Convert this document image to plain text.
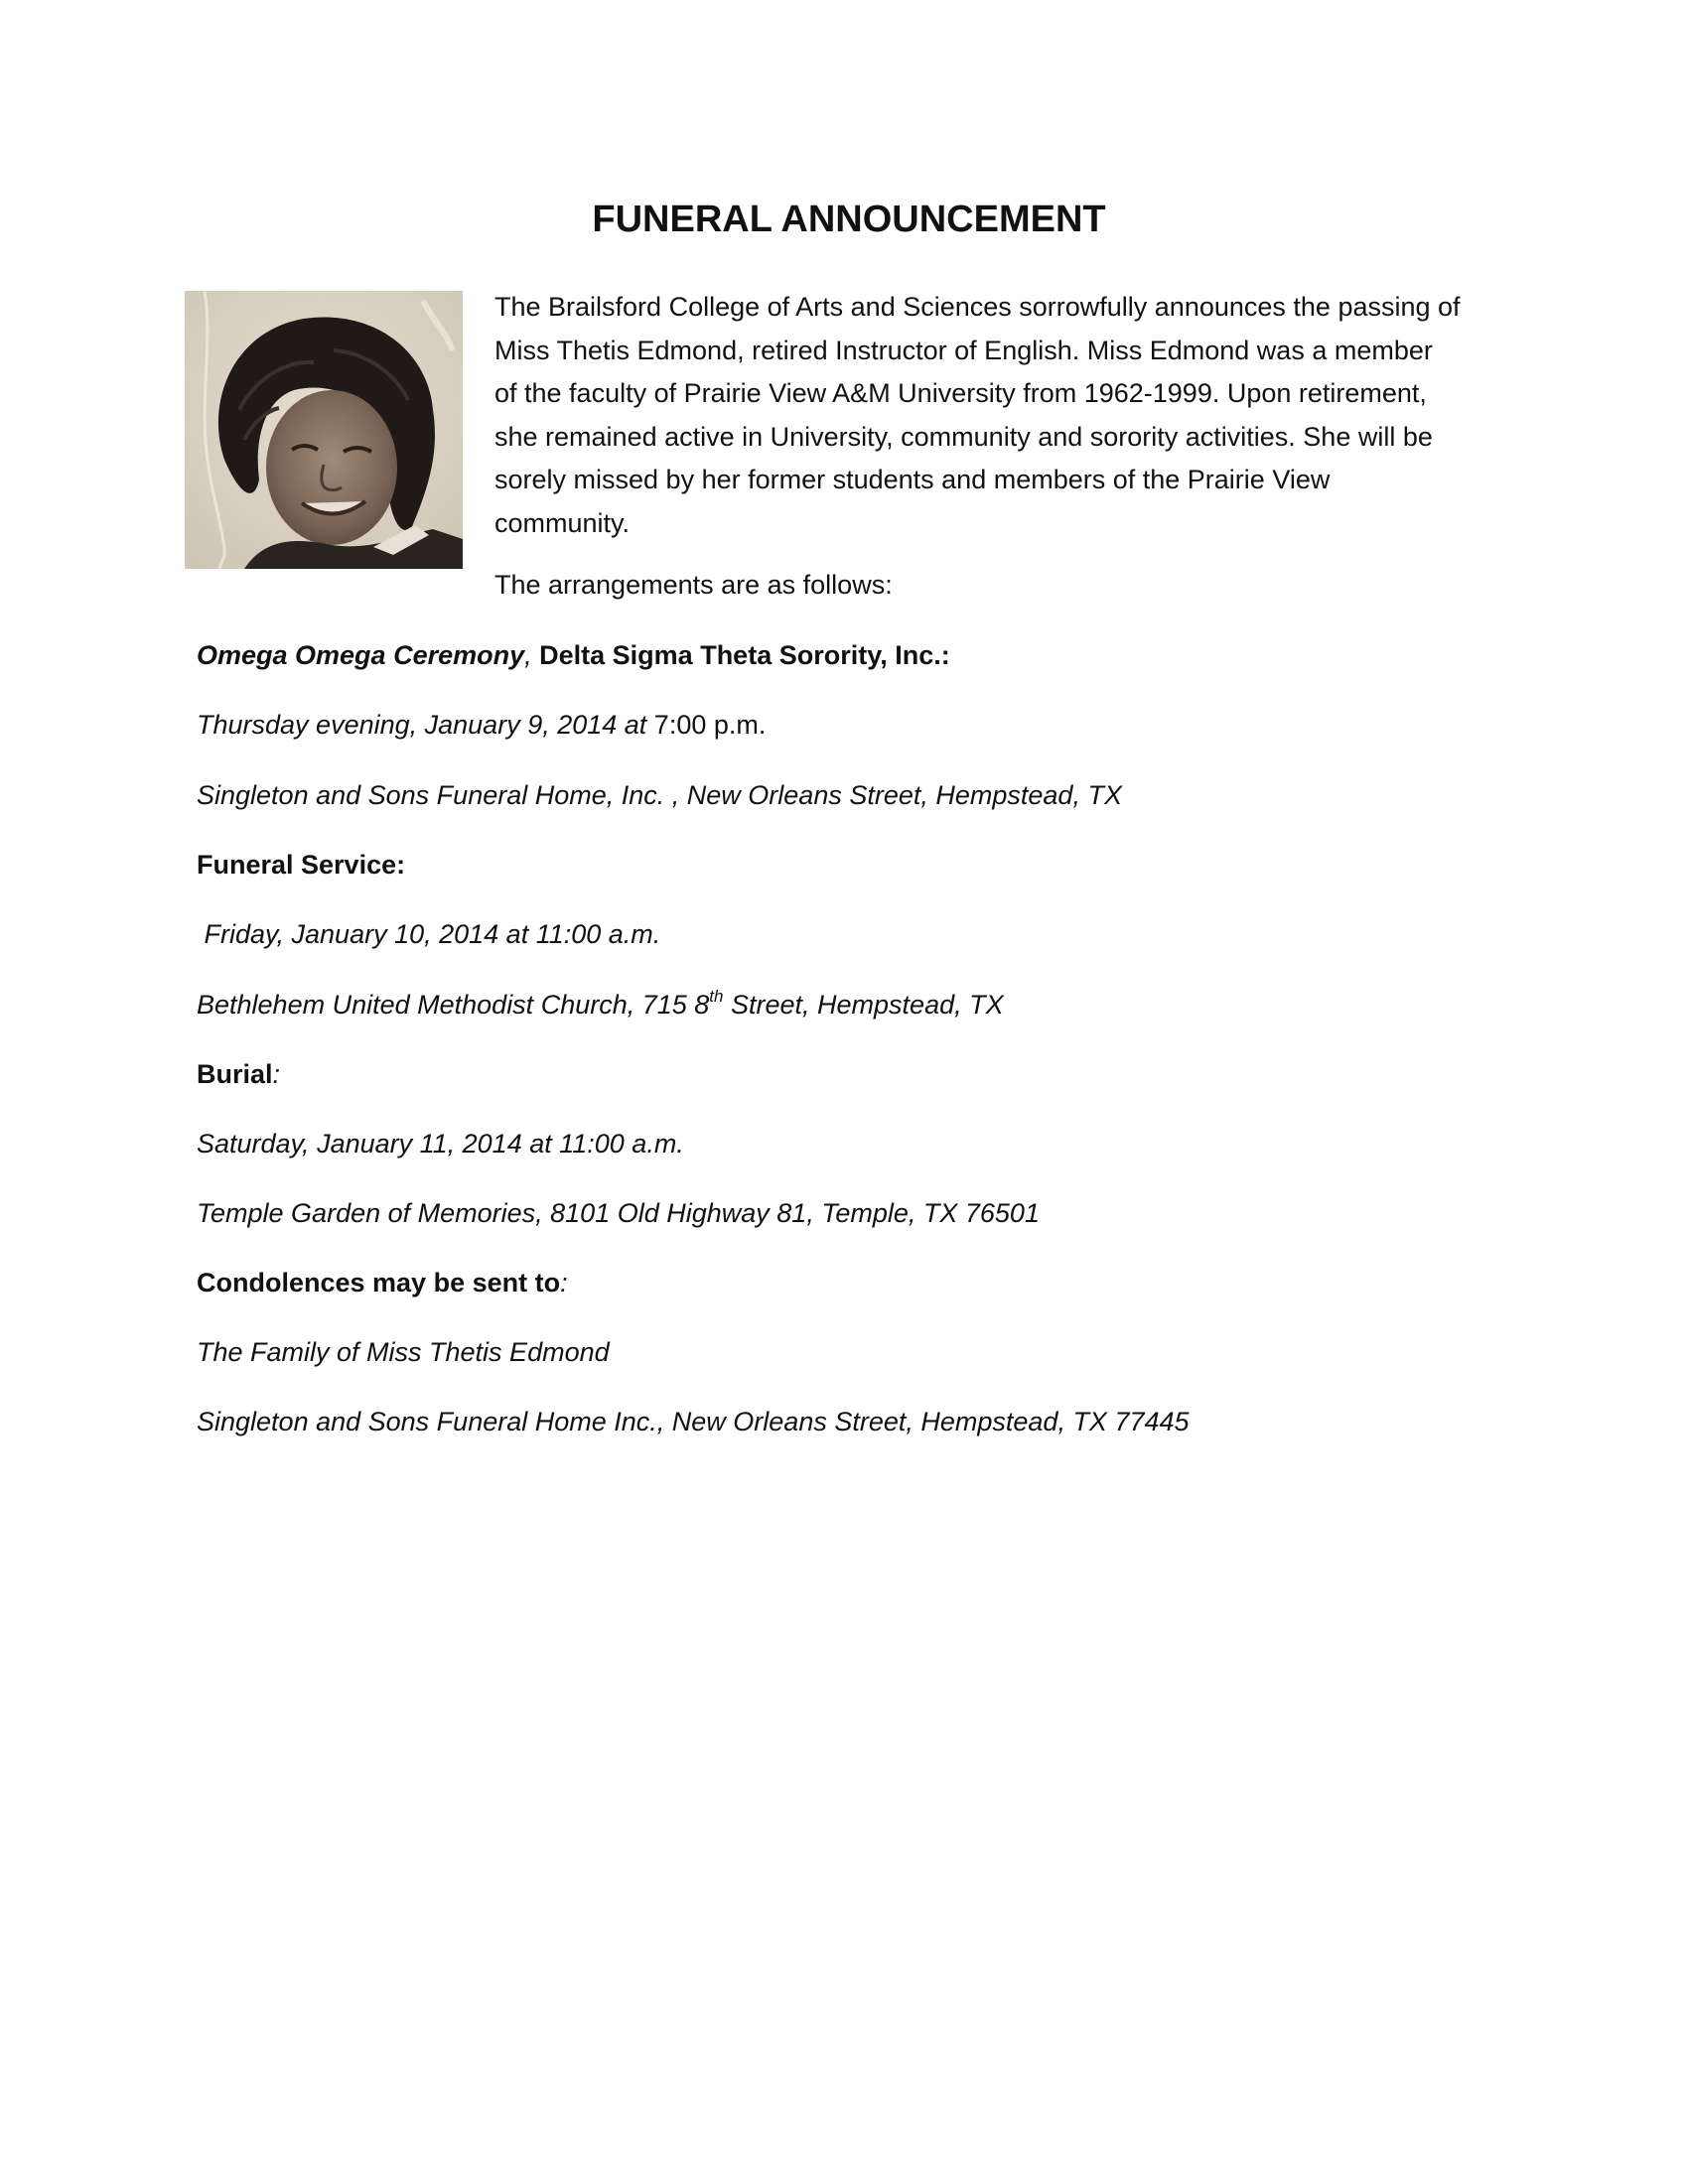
FUNERAL ANNOUNCEMENT
The Brailsford College of Arts and Sciences sorrowfully announces the passing of
Miss Thetis Edmond, retired Instructor of English. Miss Edmond was a member
of the faculty of Prairie View A&M University from 1962-1999. Upon retirement,
she remained active in University, community and sorority activities. She will be
sorely missed by her former students and members of the Prairie View
community.

The arrangements are as follows:

Omega Omega Ceremony, Delta Sigma Theta Sorority, Inc.:

Thursday evening, January 9, 2014 at 7:00 p.m.

Singleton and Sons Funeral Home, Inc. , New Orleans Street, Hempstead, TX

Funeral Service:

Friday, January 10, 2014 at 11:00 a.m.

Bethlehem United Methodist Church, 715 8th Street, Hempstead, TX

Burial:

Saturday, January 11, 2014 at 11:00 a.m.

Temple Garden of Memories, 8101 Old Highway 81, Temple, TX 76501

Condolences may be sent to:

The Family of Miss Thetis Edmond

Singleton and Sons Funeral Home Inc., New Orleans Street, Hempstead, TX 77445
